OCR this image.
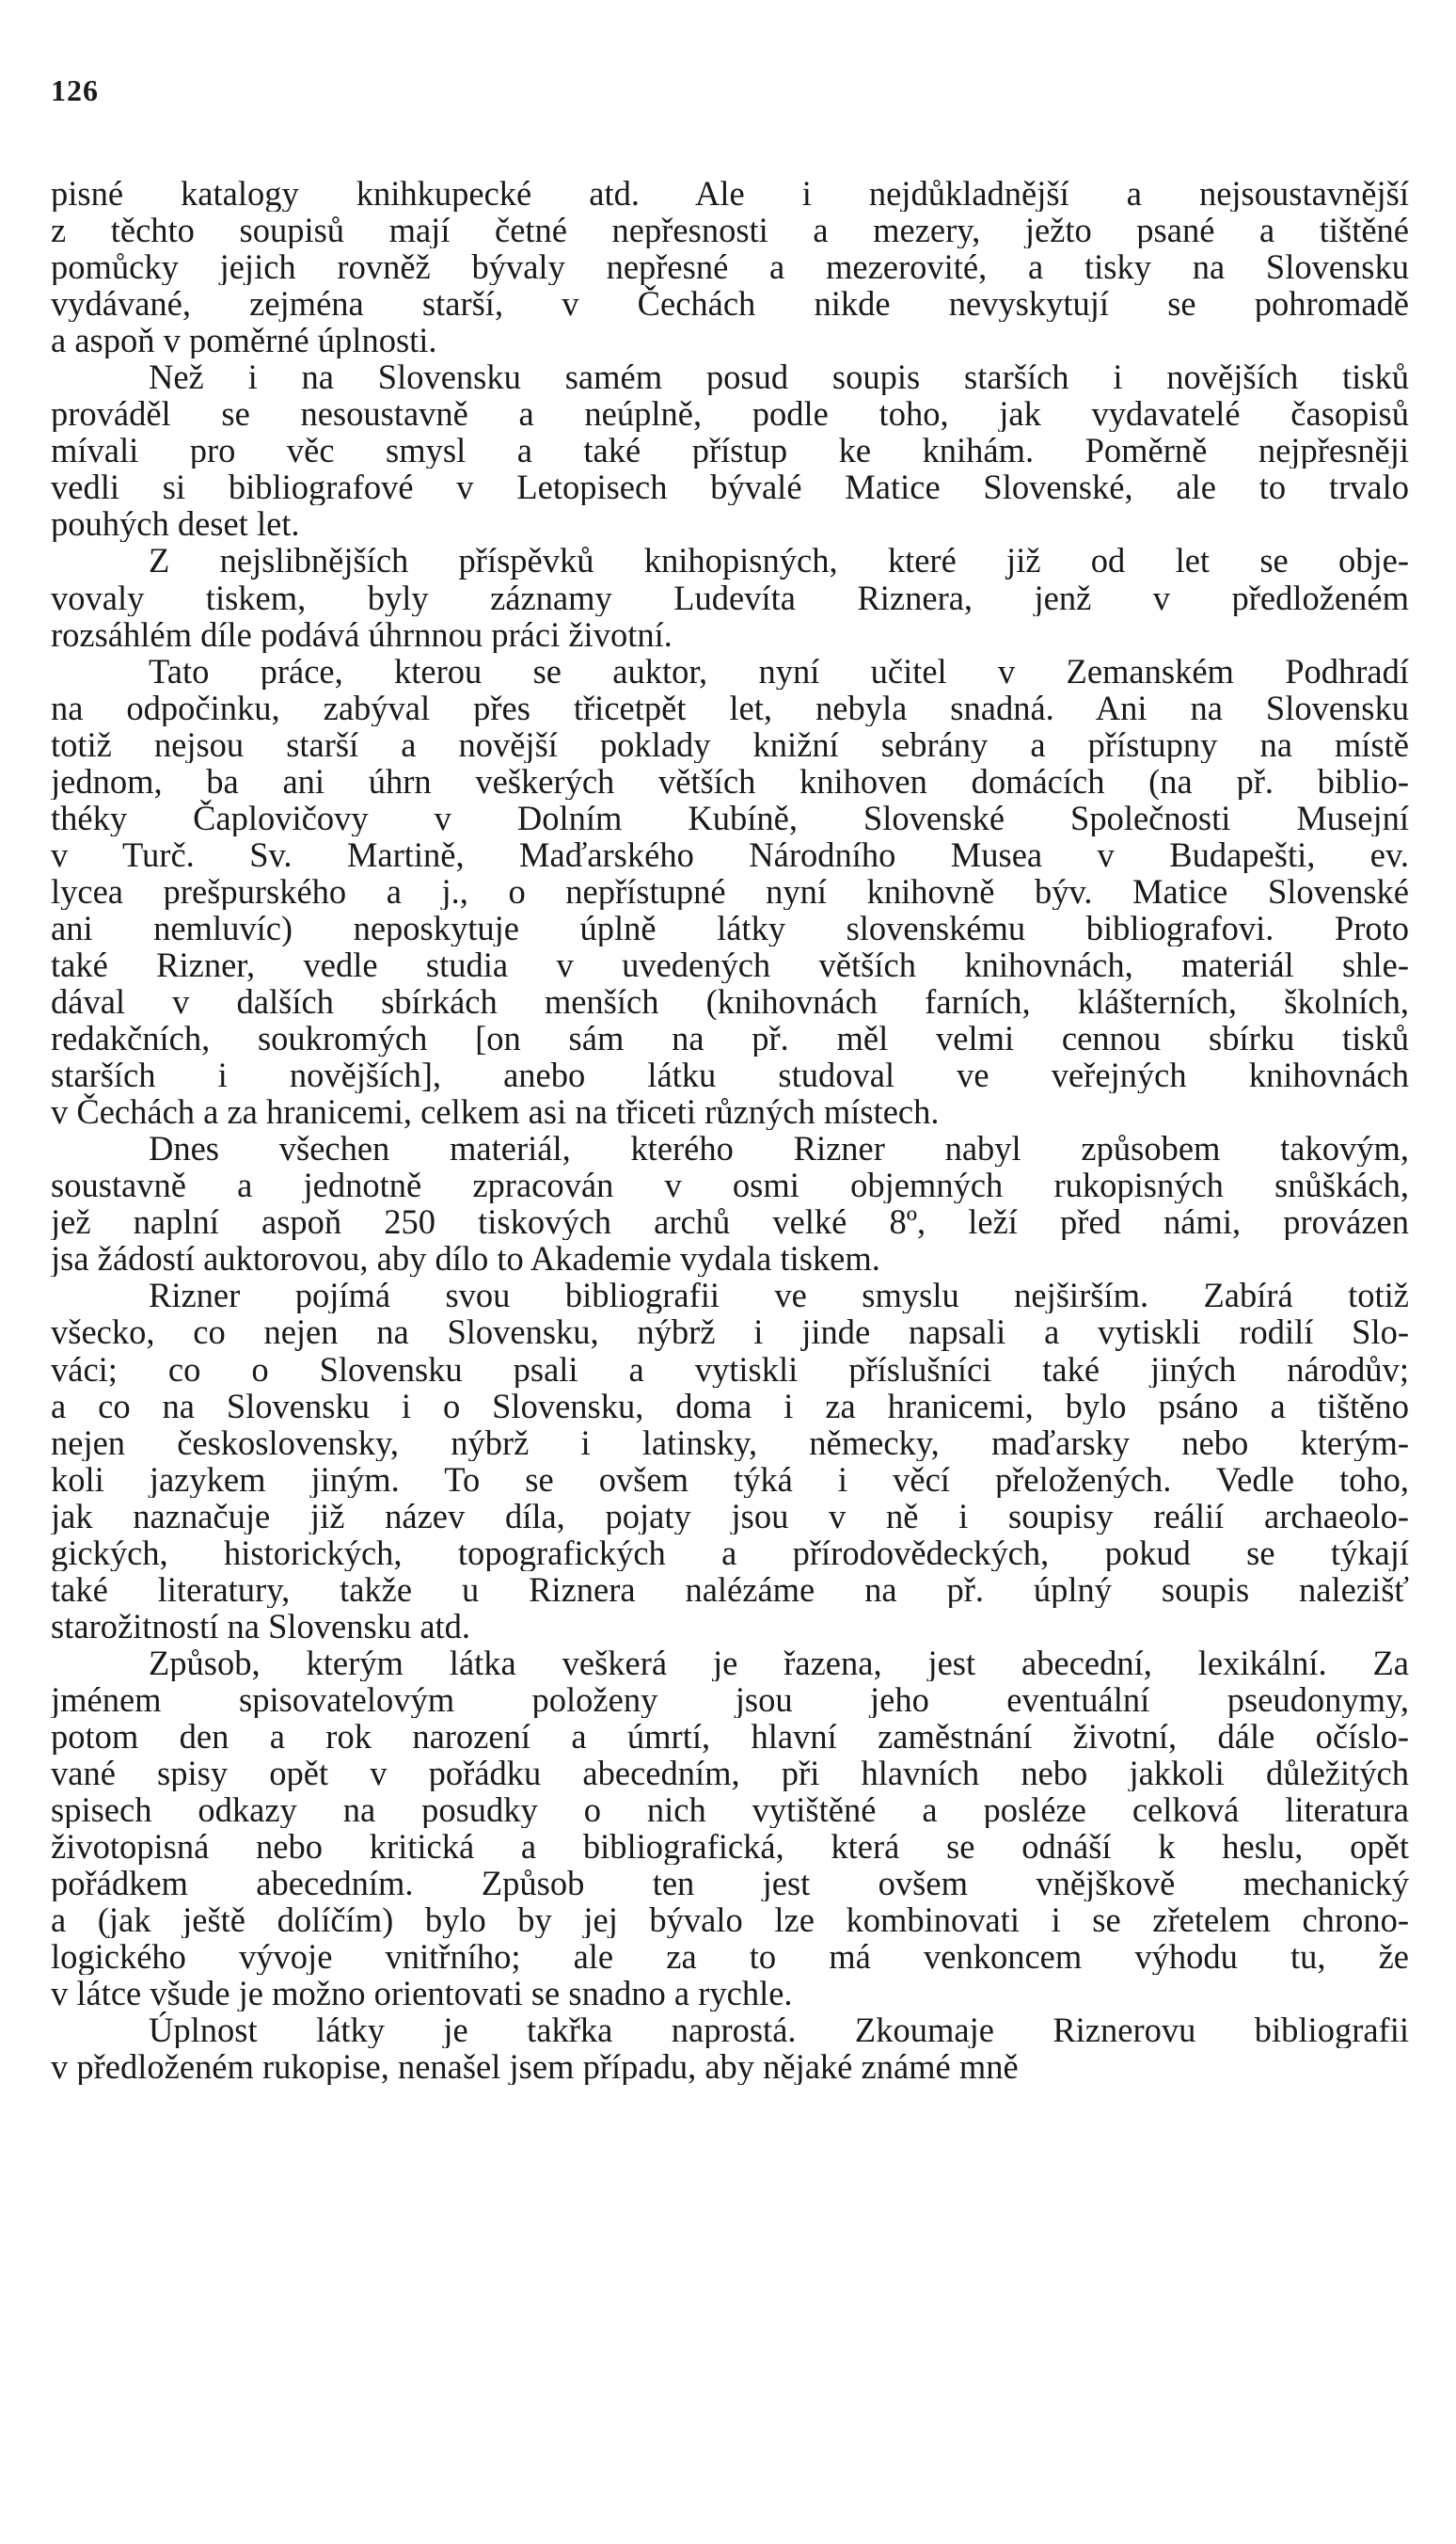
126
pisné katalogy knihkupecké atd. Ale i nejdůkladnější a nejsoustavnější
z těchto soupisů mají četné nepřesnosti a mezery, ježto psané a tištěné
pomůcky jejich rovněž bývaly nepřesné a mezerovité, a tisky na Slovensku
vydávané, zejména starší, v Čechách nikde nevyskytují se pohromadě
a aspoň v poměrné úplnosti.
Než i na Slovensku samém posud soupis starších i novějších tisků
prováděl se nesoustavně a neúplně, podle toho, jak vydavatelé časopisů
mívali pro věc smysl a také přístup ke knihám. Poměrně nejpřesněji
vedli si bibliografové v Letopisech bývalé Matice Slovenské, ale to trvalo
pouhých deset let.
Z nejslibnějších příspěvků knihopisných, které již od let se obje-
vovaly tiskem, byly záznamy Ludevíta Riznera, jenž v předloženém
rozsáhlém díle podává úhrnnou práci životní.
Tato práce, kterou se auktor, nyní učitel v Zemanském Podhradí
na odpočinku, zabýval přes třicetpět let, nebyla snadná. Ani na Slovensku
totiž nejsou starší a novější poklady knižní sebrány a přístupny na místě
jednom, ba ani úhrn veškerých větších knihoven domácích (na př. biblio-
théky Čaplovičovy v Dolním Kubíně, Slovenské Společnosti Musejní
v Turč. Sv. Martině, Maďarského Národního Musea v Budapešti, ev.
lycea prešpurského a j., o nepřístupné nyní knihovně býv. Matice Slovenské
ani nemluvíc) neposkytuje úplně látky slovenskému bibliografovi. Proto
také Rizner, vedle studia v uvedených větších knihovnách, materiál shle-
dával v dalších sbírkách menších (knihovnách farních, klášterních, školních,
redakčních, soukromých [on sám na př. měl velmi cennou sbírku tisků
starších i novějších], anebo látku studoval ve veřejných knihovnách
v Čechách a za hranicemi, celkem asi na třiceti různých místech.
Dnes všechen materiál, kterého Rizner nabyl způsobem takovým,
soustavně a jednotně zpracován v osmi objemných rukopisných snůškách,
jež naplní aspoň 250 tiskových archů velké 8º, leží před námi, provázen
jsa žádostí auktorovou, aby dílo to Akademie vydala tiskem.
Rizner pojímá svou bibliografii ve smyslu nejširším. Zabírá totiž
všecko, co nejen na Slovensku, nýbrž i jinde napsali a vytiskli rodilí Slo-
váci; co o Slovensku psali a vytiskli příslušníci také jiných národův;
a co na Slovensku i o Slovensku, doma i za hranicemi, bylo psáno a tištěno
nejen československy, nýbrž i latinsky, německy, maďarsky nebo kterým-
koli jazykem jiným. To se ovšem týká i věcí přeložených. Vedle toho,
jak naznačuje již název díla, pojaty jsou v ně i soupisy reálií archaeolo-
gických, historických, topografických a přírodovědeckých, pokud se týkají
také literatury, takže u Riznera nalézáme na př. úplný soupis nalezišť
starožitností na Slovensku atd.
Způsob, kterým látka veškerá je řazena, jest abecední, lexikální. Za
jménem spisovatelovým položeny jsou jeho eventuální pseudonymy,
potom den a rok narození a úmrtí, hlavní zaměstnání životní, dále očíslo-
vané spisy opět v pořádku abecedním, při hlavních nebo jakkoli důležitých
spisech odkazy na posudky o nich vytištěné a posléze celková literatura
životopisná nebo kritická a bibliografická, která se odnáší k heslu, opět
pořádkem abecedním. Způsob ten jest ovšem vnějškově mechanický
a (jak ještě dolíčím) bylo by jej bývalo lze kombinovati i se zřetelem chrono-
logického vývoje vnitřního; ale za to má venkoncem výhodu tu, že
v látce všude je možno orientovati se snadno a rychle.
Úplnost látky je takřka naprostá. Zkoumaje Riznerovu bibliografii
v předloženém rukopise, nenašel jsem případu, aby nějaké známé mně
